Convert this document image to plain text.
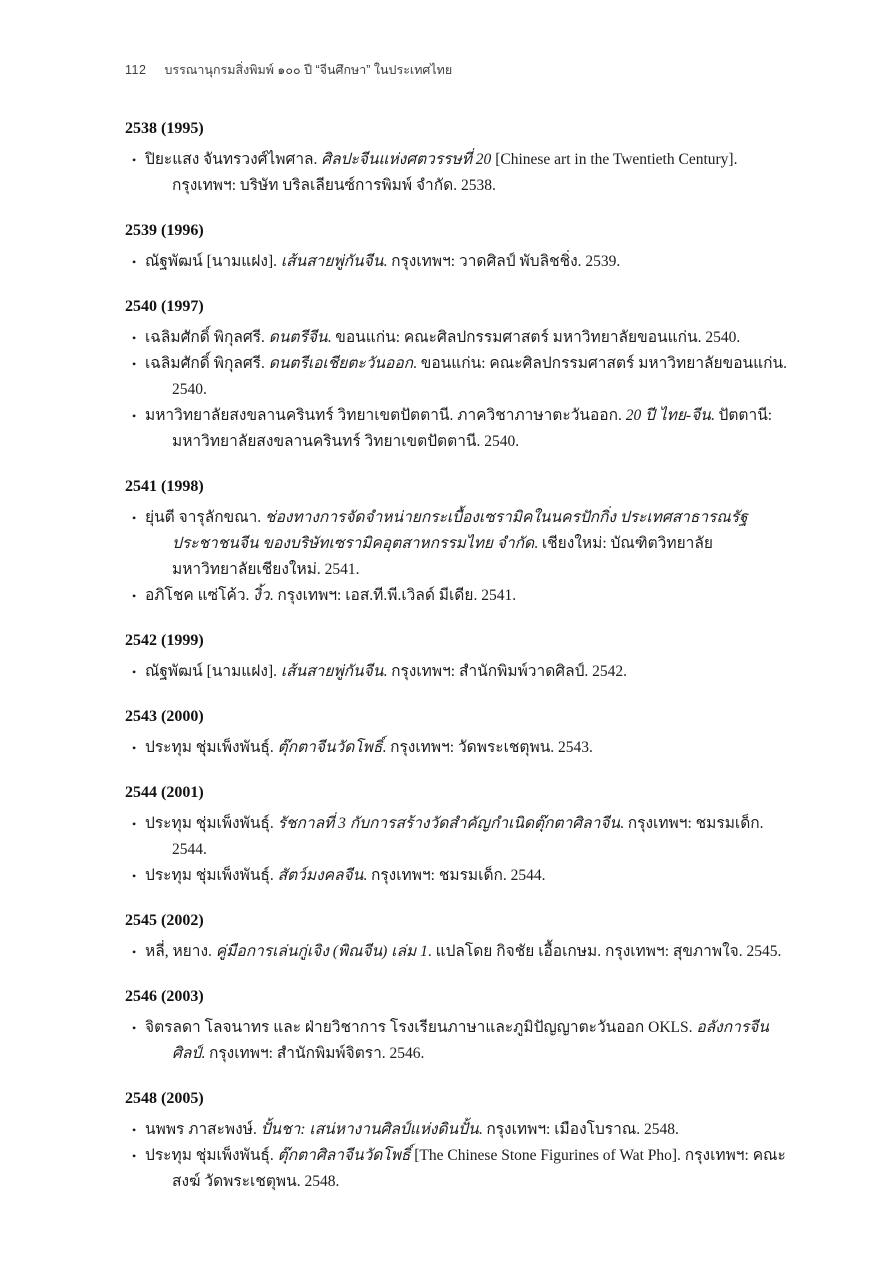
112 บรรณานุกรมสิ่งพิมพ์ ๑๐๐ ปี “จีนศึกษา” ในประเทศไทย
2538 (1995)
• ปิยะแสง จันทรวงศ์ไพศาล. ศิลปะจีนแห่งศตวรรษที่ 20 [Chinese art in the Twentieth Century]. กรุงเทพฯ: บริษัท บริลเลียนซ์การพิมพ์ จำกัด. 2538.
2539 (1996)
• ณัฐพัฒน์ [นามแฝง]. เส้นสายพู่กันจีน. กรุงเทพฯ: วาดศิลป์ พับลิชชิ่ง. 2539.
2540 (1997)
• เฉลิมศักดิ์ พิกุลศรี. ดนตรีจีน. ขอนแก่น: คณะศิลปกรรมศาสตร์ มหาวิทยาลัยขอนแก่น. 2540.
• เฉลิมศักดิ์ พิกุลศรี. ดนตรีเอเชียตะวันออก. ขอนแก่น: คณะศิลปกรรมศาสตร์ มหาวิทยาลัยขอนแก่น. 2540.
• มหาวิทยาลัยสงขลานครินทร์ วิทยาเขตปัตตานี. ภาควิชาภาษาตะวันออก. 20 ปี ไทย-จีน. ปัตตานี: มหาวิทยาลัยสงขลานครินทร์ วิทยาเขตปัตตานี. 2540.
2541 (1998)
• ยุ่นตี จารุลักขณา. ช่องทางการจัดจำหน่ายกระเบื้องเซรามิคในนครปักกิ่ง ประเทศสาธารณรัฐประชาชนจีน ของบริษัทเซรามิคอุตสาหกรรมไทย จำกัด. เชียงใหม่: บัณฑิตวิทยาลัย มหาวิทยาลัยเชียงใหม่. 2541.
• อภิโชค แซ่โค้ว. งิ้ว. กรุงเทพฯ: เอส.ที.พี.เวิลด์ มีเดีย. 2541.
2542 (1999)
• ณัฐพัฒน์ [นามแฝง]. เส้นสายพู่กันจีน. กรุงเทพฯ: สำนักพิมพ์วาดศิลป์. 2542.
2543 (2000)
• ประทุม ชุ่มเพ็งพันธุ์. ตุ๊กตาจีนวัดโพธิ์. กรุงเทพฯ: วัดพระเชตุพน. 2543.
2544 (2001)
• ประทุม ชุ่มเพ็งพันธุ์. รัชกาลที่ 3 กับการสร้างวัดสำคัญกำเนิดตุ๊กตาศิลาจีน. กรุงเทพฯ: ชมรมเด็ก. 2544.
• ประทุม ชุ่มเพ็งพันธุ์. สัตว์มงคลจีน. กรุงเทพฯ: ชมรมเด็ก. 2544.
2545 (2002)
• หลี่, หยาง. คู่มือการเล่นกู่เจิง (พิณจีน) เล่ม 1. แปลโดย กิจชัย เอื้อเกษม. กรุงเทพฯ: สุขภาพใจ. 2545.
2546 (2003)
• จิตรลดา โลจนาทร และ ฝ่ายวิชาการ โรงเรียนภาษาและภูมิปัญญาตะวันออก OKLS. อลังการจีนศิลป์. กรุงเทพฯ: สำนักพิมพ์จิตรา. 2546.
2548 (2005)
• นพพร ภาสะพงษ์. ปั้นชา: เสน่หางานศิลป์แห่งดินปั้น. กรุงเทพฯ: เมืองโบราณ. 2548.
• ประทุม ชุ่มเพ็งพันธุ์. ตุ๊กตาศิลาจีนวัดโพธิ์ [The Chinese Stone Figurines of Wat Pho]. กรุงเทพฯ: คณะสงฆ์ วัดพระเชตุพน. 2548.
